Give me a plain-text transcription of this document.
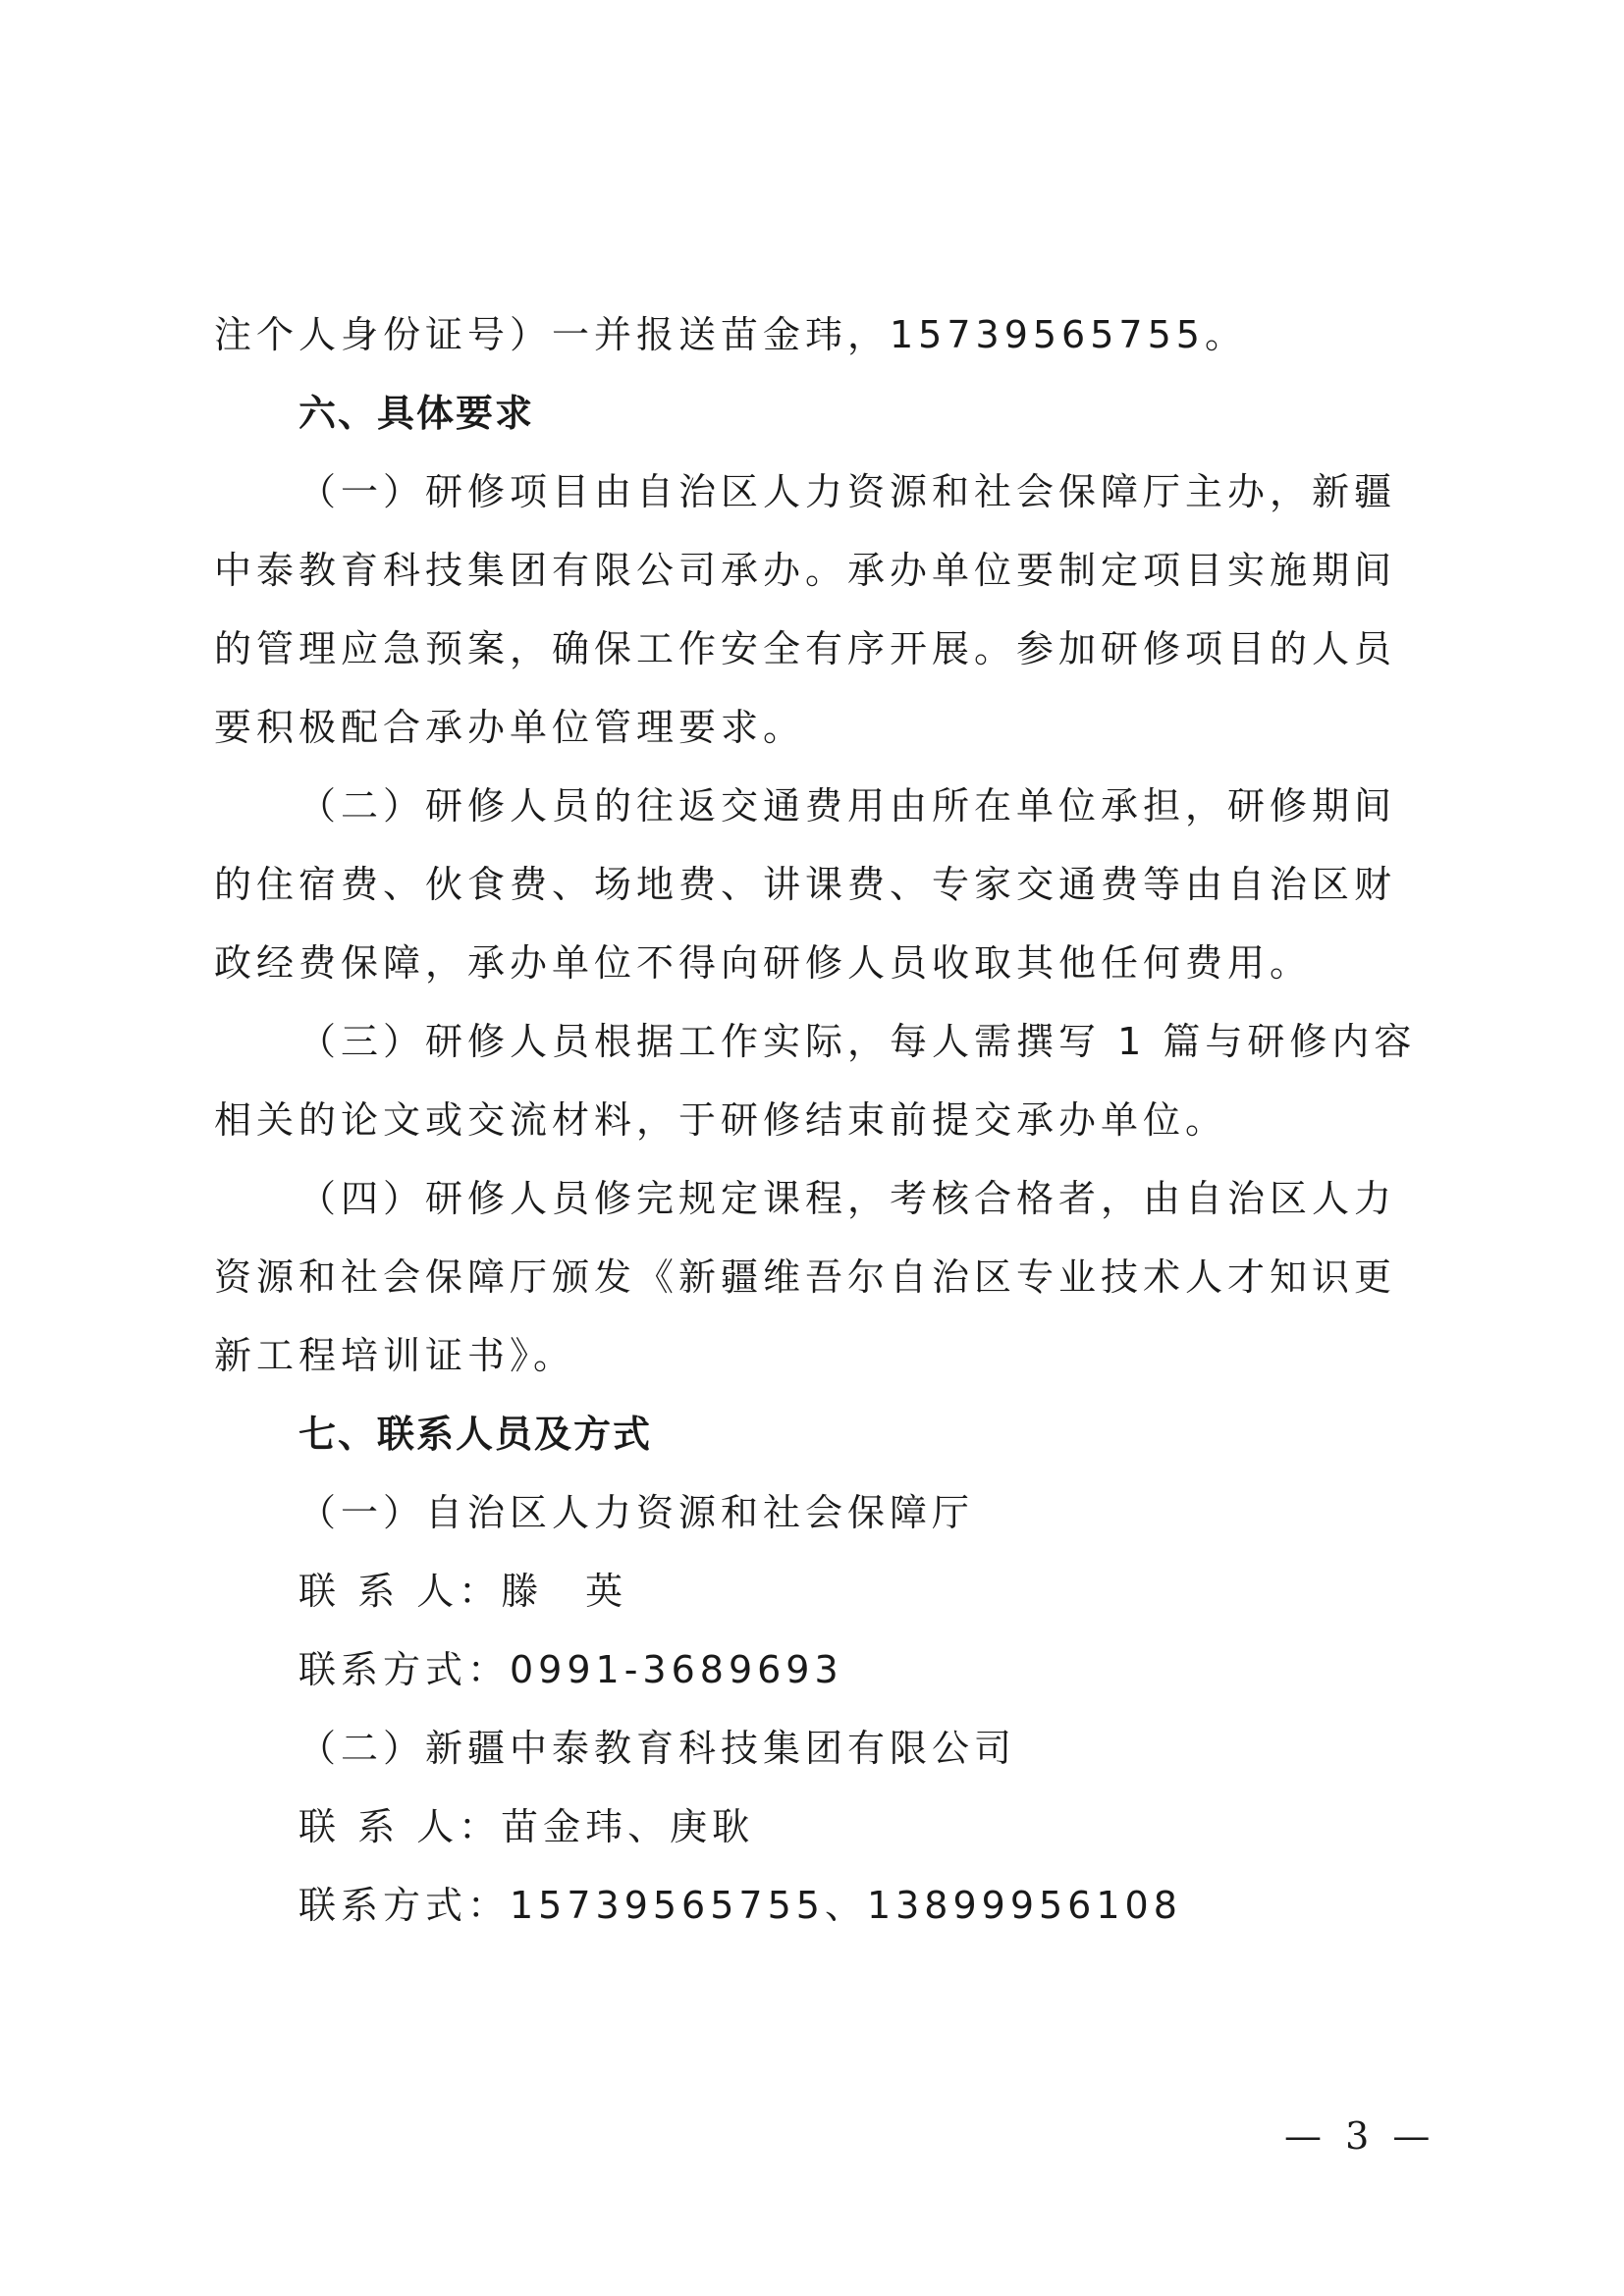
注个人身份证号）一并报送苗金玮，15739565755。
六、具体要求
（一）研修项目由自治区人力资源和社会保障厅主办，新疆
中泰教育科技集团有限公司承办。承办单位要制定项目实施期间
的管理应急预案，确保工作安全有序开展。参加研修项目的人员
要积极配合承办单位管理要求。
（二）研修人员的往返交通费用由所在单位承担，研修期间
的住宿费、伙食费、场地费、讲课费、专家交通费等由自治区财
政经费保障，承办单位不得向研修人员收取其他任何费用。
（三）研修人员根据工作实际，每人需撰写 1 篇与研修内容
相关的论文或交流材料，于研修结束前提交承办单位。
（四）研修人员修完规定课程，考核合格者，由自治区人力
资源和社会保障厅颁发《新疆维吾尔自治区专业技术人才知识更
新工程培训证书》。
七、联系人员及方式
（一）自治区人力资源和社会保障厅
联 系 人：滕　英
联系方式：0991-3689693
（二）新疆中泰教育科技集团有限公司
联 系 人：苗金玮、庚耿
联系方式：15739565755、13899956108
— 3 —
